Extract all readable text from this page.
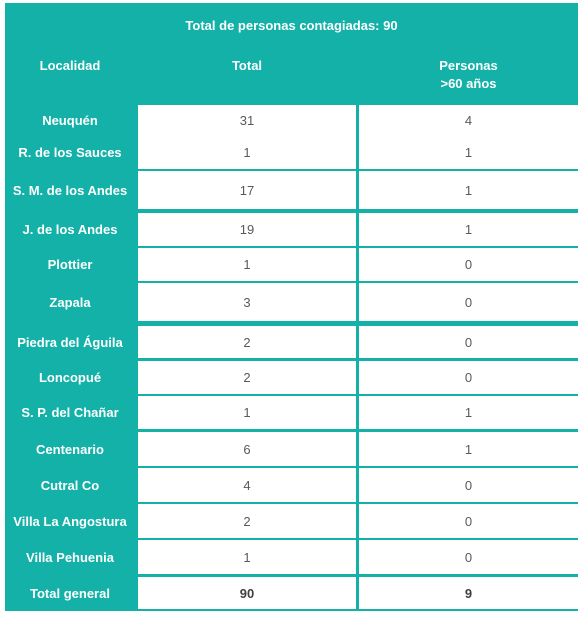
Total de personas contagiadas: 90
Localidad	Total	Personas
>60 años
Neuquén	31	4
R. de los Sauces	1	1
S. M. de los Andes	17	1
J. de los Andes	19	1
Plottier	1	0
Zapala	3	0
Piedra del Águila	2	0
Loncopué	2	0
S. P. del Chañar	1	1
Centenario	6	1
Cutral Co	4	0
Villa La Angostura	2	0
Villa Pehuenia	1	0
Total general	90	9
